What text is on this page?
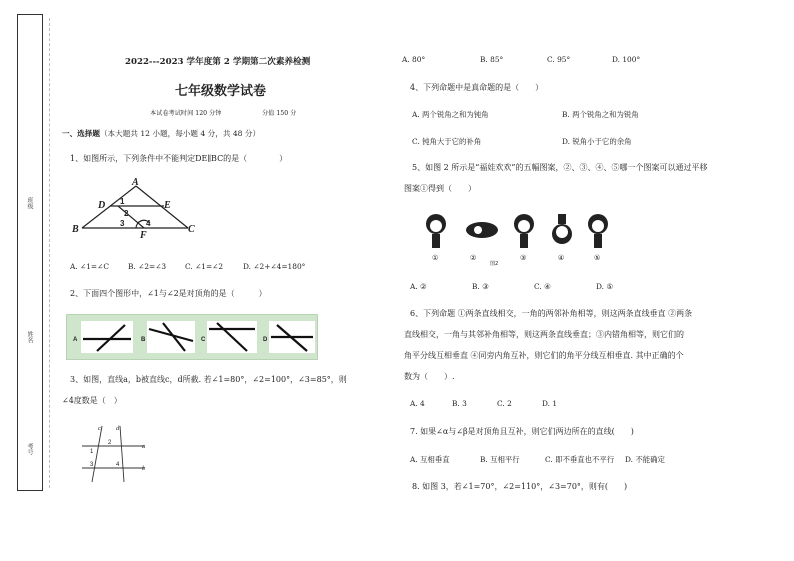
班级
姓名
考号
2022---2023 学年度第 2 学期第二次素养检测
七年级数学试卷
本试卷考试时间 120 分钟	分值 150 分
一、选择题（本大题共 12 小题，每小题 4 分，共 48 分）
1、如图所示，下列条件中不能判定DE∥BC的是（　　　　）
A
B	C
D	E
F
1
2
3	4
A. ∠1=∠C	B. ∠2=∠3	C. ∠1=∠2	D. ∠2+∠4=180°
2、下面四个图形中，∠1与∠2是对顶角的是（　　　）
A	B	C	D
3、如图，直线a，b被直线c，d所截. 若∠1=80°，∠2=100°，∠3=85°，则
∠4度数是（　）
c d
a
b
1
2
3	4
A. 80°	B. 85°	C. 95°	D. 100°
4、下列命题中是真命题的是（　　）
A. 两个锐角之和为钝角	B. 两个锐角之和为锐角
C. 钝角大于它的补角	D. 锐角小于它的余角
5、如图 2 所示是“福娃欢欢”的五幅图案，②、③、④、⑤哪一个图案可以通过平移
图案①得到（　　）
①	②
图2
③	④	⑤
A. ②	B. ③	C. ④	D. ⑤
6、下列命题 ①两条直线相交，一角的两邻补角相等，则这两条直线垂直 ②两条
直线相交，一角与其邻补角相等，则这两条直线垂直；③内错角相等，则它们的
角平分线互相垂直 ④同旁内角互补，则它们的角平分线互相垂直. 其中正确的个
数为（　　）.
A. 4	B. 3	C. 2	D. 1
7. 如果∠α与∠β是对顶角且互补，则它们两边所在的直线(　　)
A. 互相垂直	B. 互相平行	C. 即不垂直也不平行 D. 不能确定
8. 如图 3，若∠1=70°，∠2=110°，∠3=70°，则有(　　)
